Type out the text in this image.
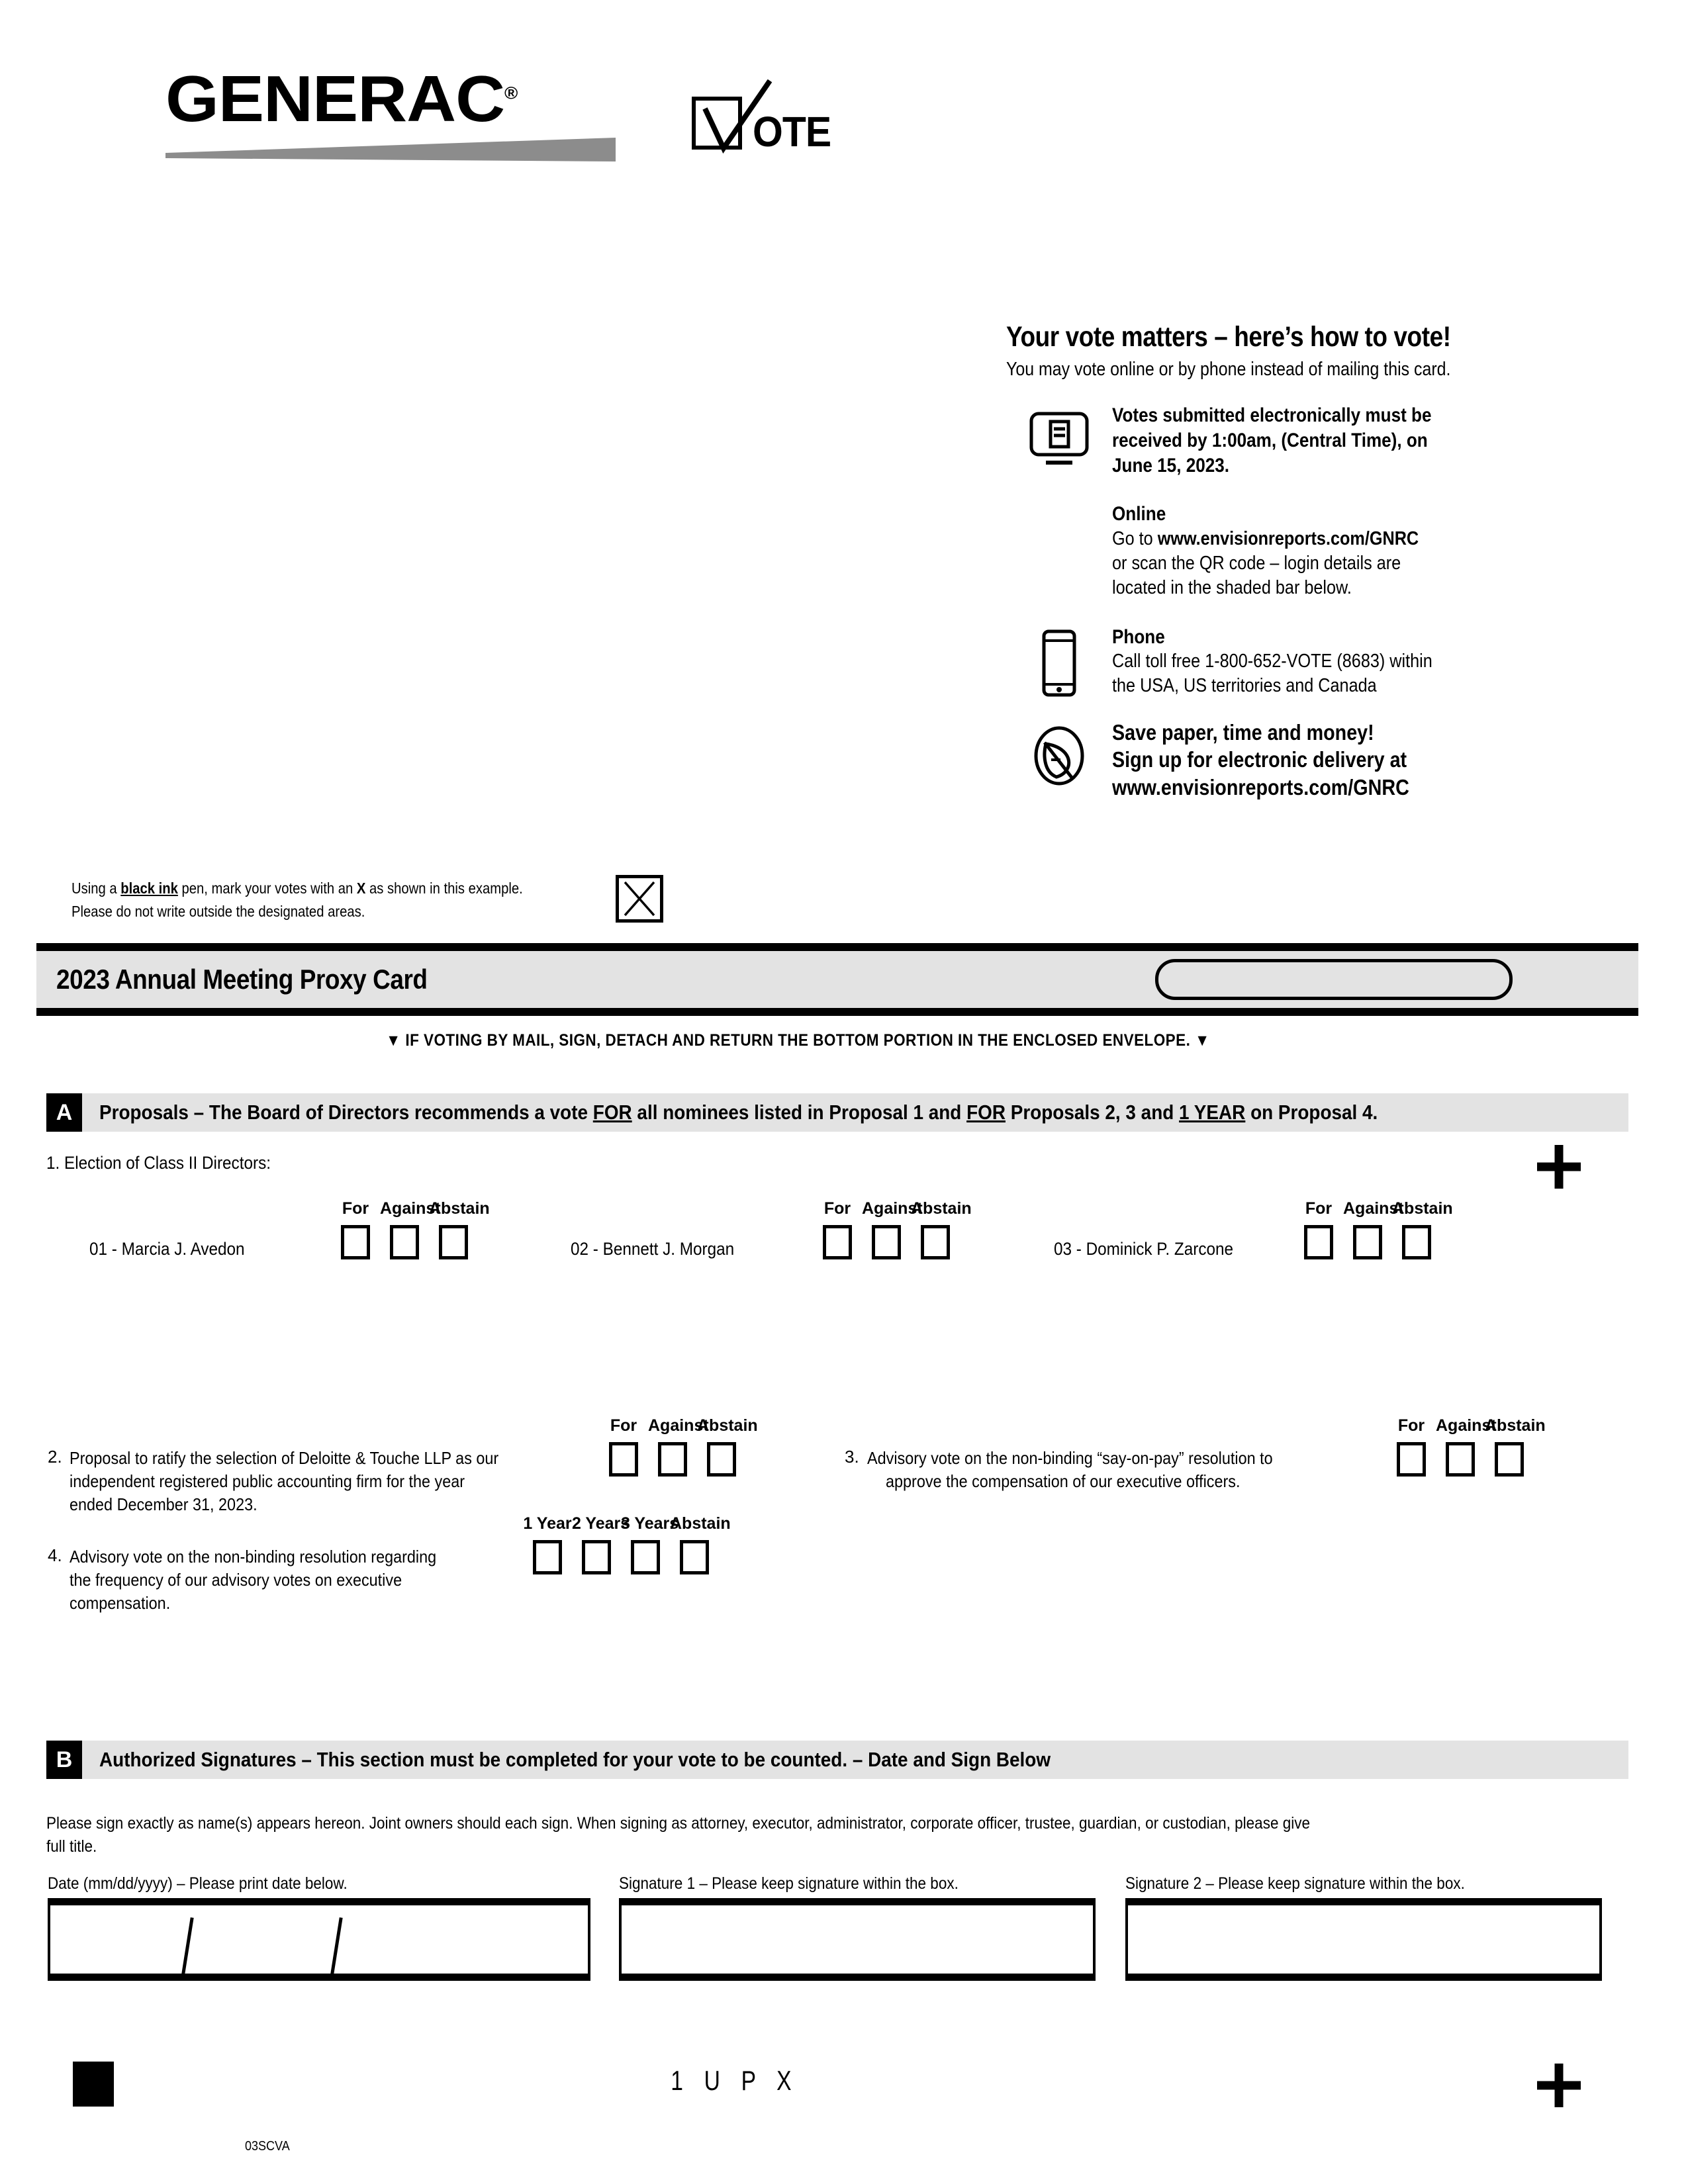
GENERAC®
OTE
Your vote matters – here’s how to vote!
You may vote online or by phone instead of mailing this card.
Votes submitted electronically must be
received by 1:00am, (Central Time), on
June 15, 2023.
Online
Go to www.envisionreports.com/GNRC
or scan the QR code – login details are
located in the shaded bar below.
Phone
Call toll free 1-800-652-VOTE (8683) within
the USA, US territories and Canada
Save paper, time and money!
Sign up for electronic delivery at
www.envisionreports.com/GNRC
Using a black ink pen, mark your votes with an X as shown in this example.
Please do not write outside the designated areas.
2023 Annual Meeting Proxy Card
▼ IF VOTING BY MAIL, SIGN, DETACH AND RETURN THE BOTTOM PORTION IN THE ENCLOSED ENVELOPE. ▼
A	Proposals – The Board of Directors recommends a vote FOR all nominees listed in Proposal 1 and FOR Proposals 2, 3 and 1 YEAR on Proposal 4.
1. Election of Class II Directors:
01 - Marcia J. Avedon
For Against
Abstain
02 - Bennett J. Morgan
For Against
Abstain
03 - Dominick P. Zarcone
For Against
Abstain
2. Proposal to ratify the selection of Deloitte & Touche LLP as our
independent registered public accounting firm for the year
ended December 31, 2023.
For Against
Abstain
3. Advisory vote on the non-binding “say-on-pay” resolution to
approve the compensation of our executive officers.
For Against
Abstain
4. Advisory vote on the non-binding resolution regarding
the frequency of our advisory votes on executive
compensation.
1 Year 2 Years
3 Years
Abstain
B	Authorized Signatures – This section must be completed for your vote to be counted. – Date and Sign Below
Please sign exactly as name(s) appears hereon. Joint owners should each sign. When signing as attorney, executor, administrator, corporate officer, trustee, guardian, or custodian, please give
full title.
Date (mm/dd/yyyy) – Please print date below.	Signature 1 – Please keep signature within the box.	Signature 2 – Please keep signature within the box.
1 U P X
03SCVA
